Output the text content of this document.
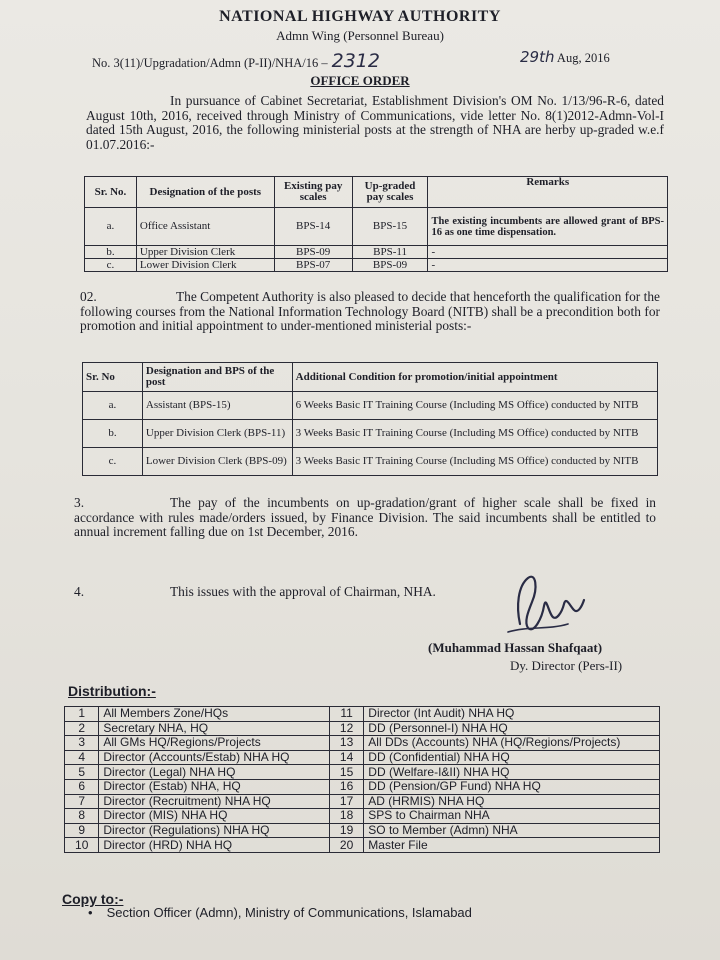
NATIONAL HIGHWAY AUTHORITY
Admn Wing (Personnel Bureau)
No. 3(11)/Upgradation/Admn (P-II)/NHA/16 – 2312	29th Aug, 2016
OFFICE ORDER
In pursuance of Cabinet Secretariat, Establishment Division's OM No. 1/13/96-R-6, dated August 10th, 2016, received through Ministry of Communications, vide letter No. 8(1)2012-Admn-Vol-I dated 15th August, 2016, the following ministerial posts at the strength of NHA are herby up-graded w.e.f 01.07.2016:-
Sr. No.	Designation of the posts	Existing pay scales	Up-graded pay scales	Remarks
a.	Office Assistant	BPS-14	BPS-15	The existing incumbents are allowed grant of BPS-16 as one time dispensation.
b.	Upper Division Clerk	BPS-09	BPS-11	-
c.	Lower Division Clerk	BPS-07	BPS-09	-
02.	The Competent Authority is also pleased to decide that henceforth the qualification for the following courses from the National Information Technology Board (NITB) shall be a precondition both for promotion and initial appointment to under-mentioned ministerial posts:-
Sr. No	Designation and BPS of the post	Additional Condition for promotion/initial appointment
a.	Assistant (BPS-15)	6 Weeks Basic IT Training Course (Including MS Office) conducted by NITB
b.	Upper Division Clerk (BPS-11)	3 Weeks Basic IT Training Course (Including MS Office) conducted by NITB
c.	Lower Division Clerk (BPS-09)	3 Weeks Basic IT Training Course (Including MS Office) conducted by NITB
3.	The pay of the incumbents on up-gradation/grant of higher scale shall be fixed in accordance with rules made/orders issued, by Finance Division. The said incumbents shall be entitled to annual increment falling due on 1st December, 2016.
4.	This issues with the approval of Chairman, NHA.
(Muhammad Hassan Shafqaat)
Dy. Director (Pers-II)
Distribution:-
1	All Members Zone/HQs	11	Director (Int Audit) NHA HQ
2	Secretary NHA, HQ	12	DD (Personnel-I) NHA HQ
3	All GMs HQ/Regions/Projects	13	All DDs (Accounts) NHA (HQ/Regions/Projects)
4	Director (Accounts/Estab) NHA HQ	14	DD (Confidential) NHA HQ
5	Director (Legal) NHA HQ	15	DD (Welfare-I&II) NHA HQ
6	Director (Estab) NHA, HQ	16	DD (Pension/GP Fund) NHA HQ
7	Director (Recruitment) NHA HQ	17	AD (HRMIS) NHA HQ
8	Director (MIS) NHA HQ	18	SPS to Chairman NHA
9	Director (Regulations) NHA HQ	19	SO to Member (Admn) NHA
10	Director (HRD) NHA HQ	20	Master File
Copy to:-
• Section Officer (Admn), Ministry of Communications, Islamabad
